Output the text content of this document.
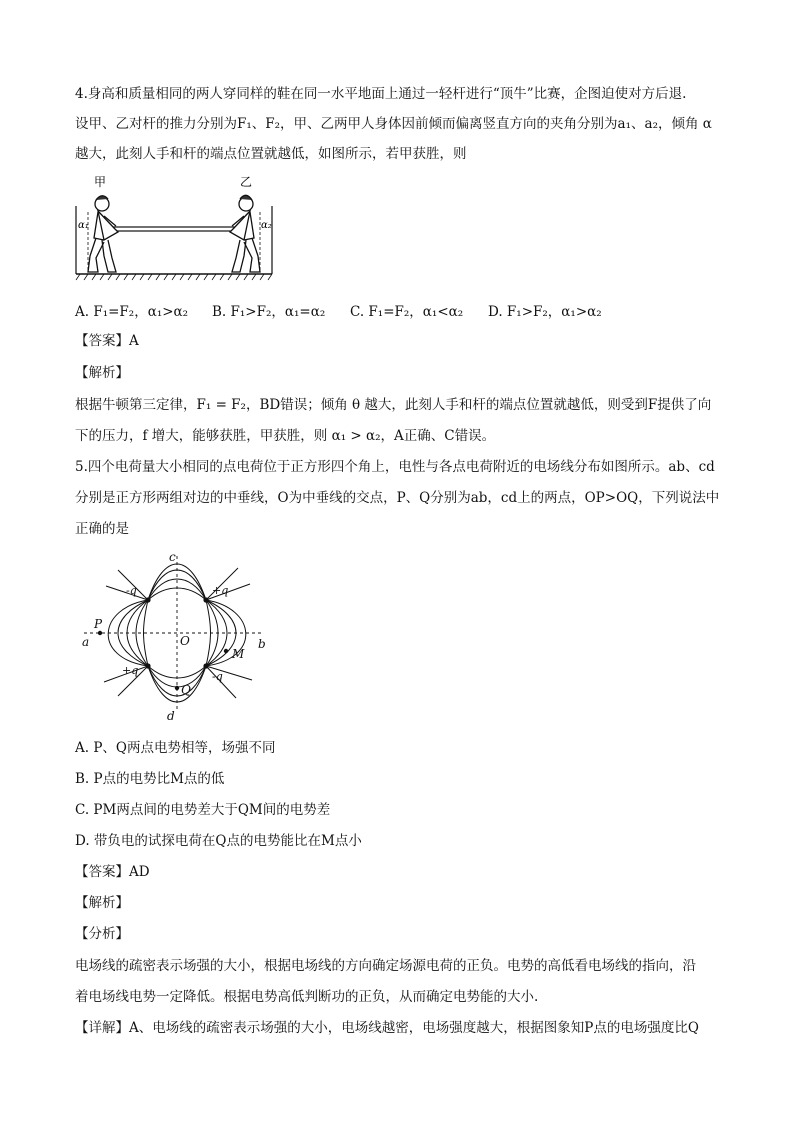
4.身高和质量相同的两人穿同样的鞋在同一水平地面上通过一轻杆进行“顶牛”比赛，企图迫使对方后退.
设甲、乙对杆的推力分别为F₁、F₂，甲、乙两甲人身体因前倾而偏离竖直方向的夹角分别为a₁、a₂，倾角 α
越大，此刻人手和杆的端点位置就越低，如图所示，若甲获胜，则
甲	乙
α₁	α₂
A. F₁=F₂，α₁>α₂ B. F₁>F₂，α₁=α₂ C. F₁=F₂，α₁<α₂ D. F₁>F₂，α₁>α₂
【答案】A
【解析】
根据牛顿第三定律，F₁ = F₂，BD错误；倾角 θ 越大，此刻人手和杆的端点位置就越低，则受到F提供了向
下的压力，f 增大，能够获胜，甲获胜，则 α₁ > α₂，A正确、C错误。
5.四个电荷量大小相同的点电荷位于正方形四个角上，电性与各点电荷附近的电场线分布如图所示。ab、cd
分别是正方形两组对边的中垂线，O为中垂线的交点，P、Q分别为ab，cd上的两点，OP>OQ，下列说法中
正确的是
c
d
a	b
O
P
Q
M
-q	+q
+q	-q
A. P、Q两点电势相等，场强不同
B. P点的电势比M点的低
C. PM两点间的电势差大于QM间的电势差
D. 带负电的试探电荷在Q点的电势能比在M点小
【答案】AD
【解析】
【分析】
电场线的疏密表示场强的大小，根据电场线的方向确定场源电荷的正负。电势的高低看电场线的指向，沿
着电场线电势一定降低。根据电势高低判断功的正负，从而确定电势能的大小.
【详解】A、电场线的疏密表示场强的大小，电场线越密，电场强度越大，根据图象知P点的电场强度比Q
